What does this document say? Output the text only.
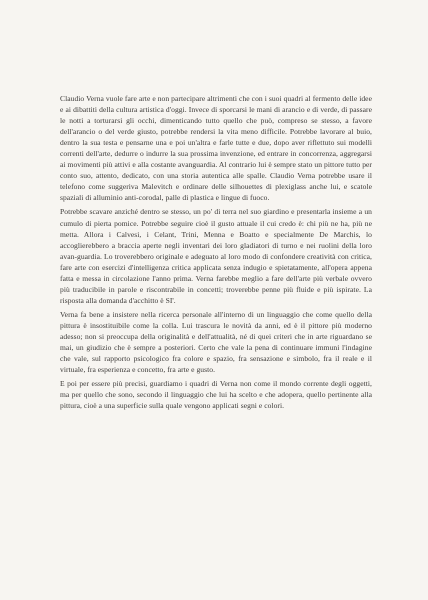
Claudio Verna vuole fare arte e non partecipare altrimenti che con i suoi quadri al fermento delle idee e ai dibattiti della cultura artistica d'oggi. Invece di sporcarsi le mani di arancio e di verde, di passare le notti a torturarsi gli occhi, dimenticando tutto quello che può, compreso se stesso, a favore dell'arancio o del verde giusto, potrebbe rendersi la vita meno difficile. Potrebbe lavorare al buio, dentro la sua testa e pensarne una e poi un'altra e farle tutte e due, dopo aver riflettuto sui modelli correnti dell'arte, dedurre o indurre la sua prossima invenzione, ed entrare in concorrenza, aggregarsi ai movimenti più attivi e alla costante avanguardia. Al contrario lui è sempre stato un pittore tutto per conto suo, attento, dedicato, con una storia autentica alle spalle. Claudio Verna potrebbe usare il telefono come suggeriva Malevitch e ordinare delle silhouettes di plexiglass anche lui, e scatole spaziali di alluminio anti-corodal, palle di plastica e lingue di fuoco.

Potrebbe scavare anziché dentro se stesso, un po' di terra nel suo giardino e presentarla insieme a un cumulo di pierta pomice. Potrebbe seguire cioè il gusto attuale il cui credo è: chi più ne ha, più ne metta. Allora i Calvesi, i Celant, Trini, Menna e Boatto e specialmente De Marchis, lo accoglierebbero a braccia aperte negli inventari dei loro gladiatori di turno e nei ruolini della loro avan-guardia. Lo troverebbero originale e adeguato al loro modo di confondere creatività con critica, fare arte con esercizi d'intelligenza critica applicata senza indugio e spietatamente, all'opera appena fatta e messa in circolazione l'anno prima. Verna farebbe meglio a fare dell'arte più verbale ovvero più traducibile in parole e riscontrabile in concetti; troverebbe penne più fluide e più ispirate. La risposta alla domanda d'acchitto è SI'.

Verna fa bene a insistere nella ricerca personale all'interno di un linguaggio che come quello della pittura è insostituibile come la colla. Lui trascura le novità da anni, ed è il pittore più moderno adesso; non si preoccupa della originalità e dell'attualità, né di quei criteri che in arte riguardano se mai, un giudizio che è sempre a posteriori. Certo che vale la pena di continuare immuni l'indagine che vale, sul rapporto psicologico fra colore e spazio, fra sensazione e simbolo, fra il reale e il virtuale, fra esperienza e concetto, fra arte e gusto.

E poi per essere più precisi, guardiamo i quadri di Verna non come il mondo corrente degli oggetti, ma per quello che sono, secondo il linguaggio che lui ha scelto e che adopera, quello pertinente alla pittura, cioè a una superficie sulla quale vengono applicati segni e colori.
